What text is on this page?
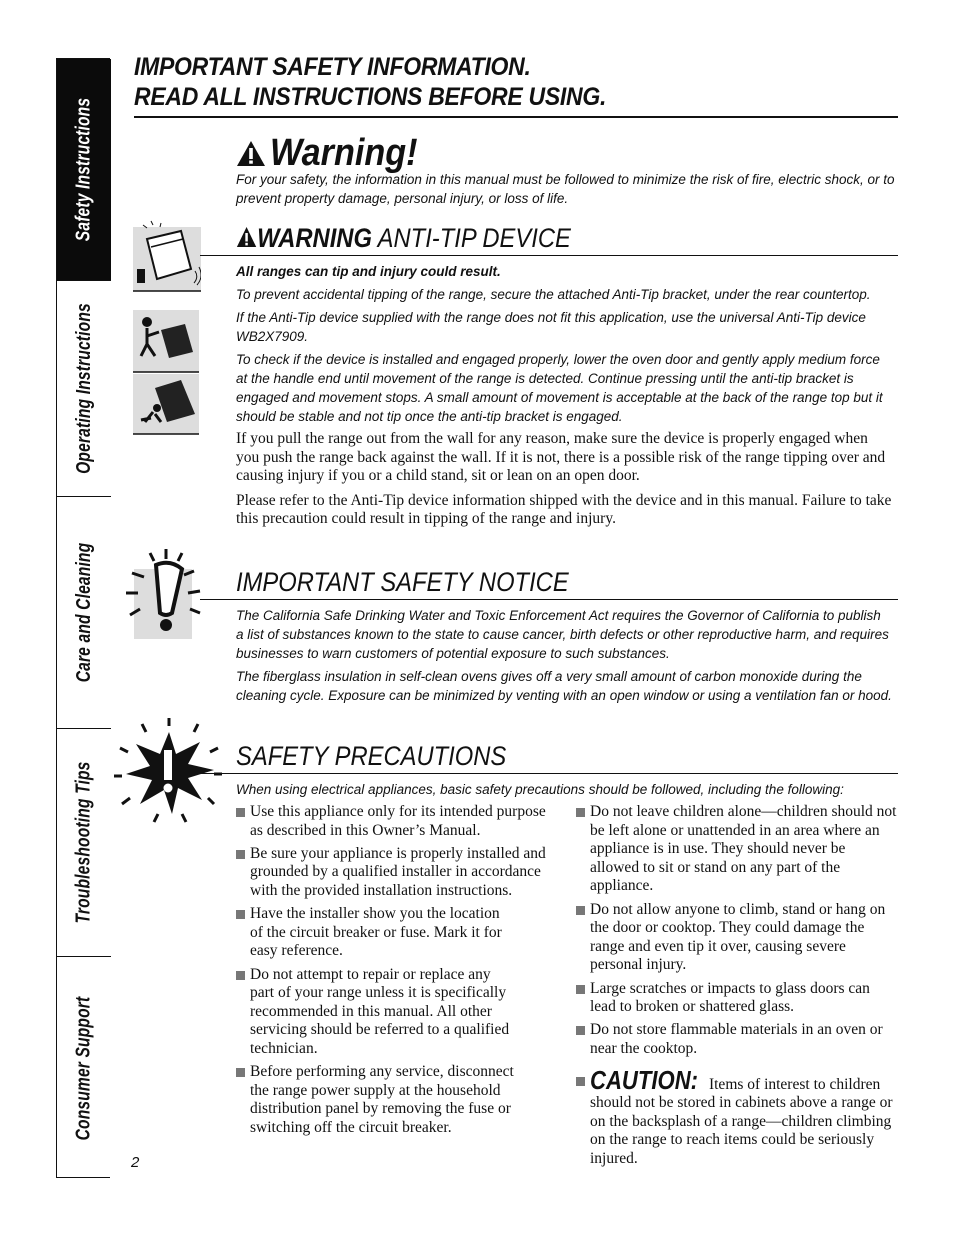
Safety Instructions
Operating Instructions
Care and Cleaning
Troubleshooting Tips
Consumer Support
IMPORTANT SAFETY INFORMATION.
READ ALL INSTRUCTIONS BEFORE USING.
Warning!

For your safety, the information in this manual must be followed to minimize the risk of fire, electric shock, or to prevent property damage, personal injury, or loss of life.

WARNING ANTI-TIP DEVICE

All ranges can tip and injury could result.

To prevent accidental tipping of the range, secure the attached Anti-Tip bracket, under the rear countertop.

If the Anti-Tip device supplied with the range does not fit this application, use the universal Anti-Tip device WB2X7909.

To check if the device is installed and engaged properly, lower the oven door and gently apply medium force at the handle end until movement of the range is detected. Continue pressing until the anti-tip bracket is engaged and movement stops. A small amount of movement is acceptable at the back of the range top but it should be stable and not tip once the anti-tip bracket is engaged.

If you pull the range out from the wall for any reason, make sure the device is properly engaged when you push the range back against the wall. If it is not, there is a possible risk of the range tipping over and causing injury if you or a child stand, sit or lean on an open door.

Please refer to the Anti-Tip device information shipped with the device and in this manual. Failure to take this precaution could result in tipping of the range and injury.

IMPORTANT SAFETY NOTICE

The California Safe Drinking Water and Toxic Enforcement Act requires the Governor of California to publish a list of substances known to the state to cause cancer, birth defects or other reproductive harm, and requires businesses to warn customers of potential exposure to such substances.

The fiberglass insulation in self-clean ovens gives off a very small amount of carbon monoxide during the cleaning cycle. Exposure can be minimized by venting with an open window or using a ventilation fan or hood.

SAFETY PRECAUTIONS

When using electrical appliances, basic safety precautions should be followed, including the following:

Use this appliance only for its intended purpose as described in this Owner’s Manual.
Be sure your appliance is properly installed and grounded by a qualified installer in accordance with the provided installation instructions.
Have the installer show you the location of the circuit breaker or fuse. Mark it for easy reference.
Do not attempt to repair or replace any part of your range unless it is specifically recommended in this manual. All other servicing should be referred to a qualified technician.
Before performing any service, disconnect the range power supply at the household distribution panel by removing the fuse or switching off the circuit breaker.
Do not leave children alone—children should not be left alone or unattended in an area where an appliance is in use. They should never be allowed to sit or stand on any part of the appliance.
Do not allow anyone to climb, stand or hang on the door or cooktop. They could damage the range and even tip it over, causing severe personal injury.
Large scratches or impacts to glass doors can lead to broken or shattered glass.
Do not store flammable materials in an oven or near the cooktop.
CAUTION: Items of interest to children should not be stored in cabinets above a range or on the backsplash of a range—children climbing on the range to reach items could be seriously injured.
2
